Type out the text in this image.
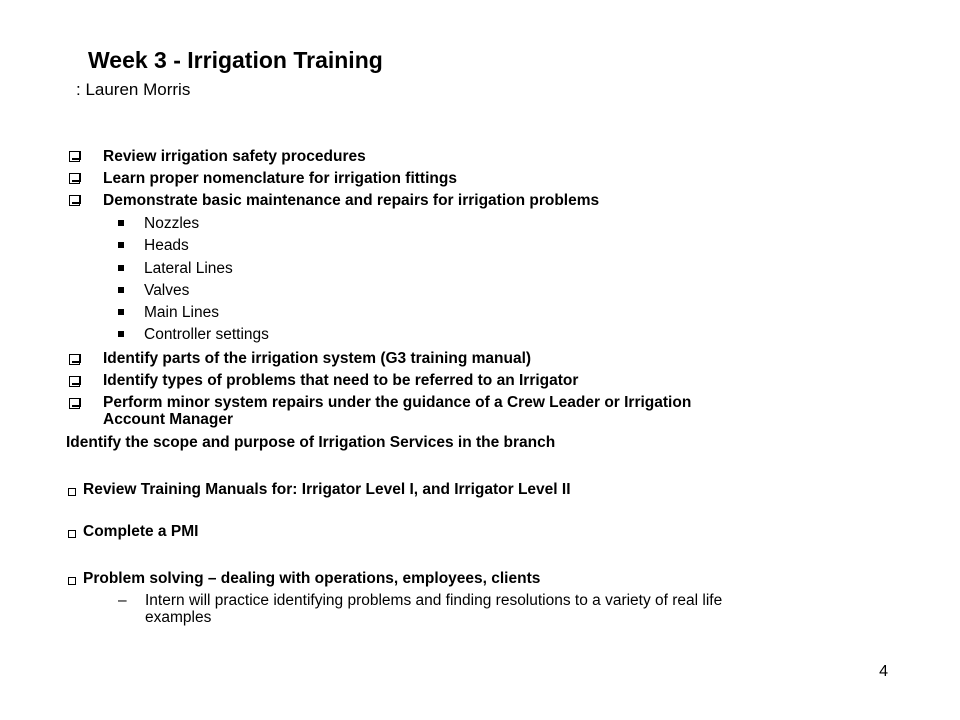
Week 3 - Irrigation Training
: Lauren Morris
Review irrigation safety procedures
Learn proper nomenclature for irrigation fittings
Demonstrate basic maintenance and repairs for irrigation problems
Nozzles
Heads
Lateral Lines
Valves
Main Lines
Controller settings
Identify parts of the irrigation system (G3 training manual)
Identify types of problems that need to be referred to an Irrigator
Perform minor system repairs under the guidance of a Crew Leader or Irrigation
Account Manager
Identify the scope and purpose of Irrigation Services in the branch
Review Training Manuals for: Irrigator Level I, and Irrigator Level II
Complete a PMI
Problem solving – dealing with operations, employees, clients
– Intern will practice identifying problems and finding resolutions to a variety of real life
examples
4
